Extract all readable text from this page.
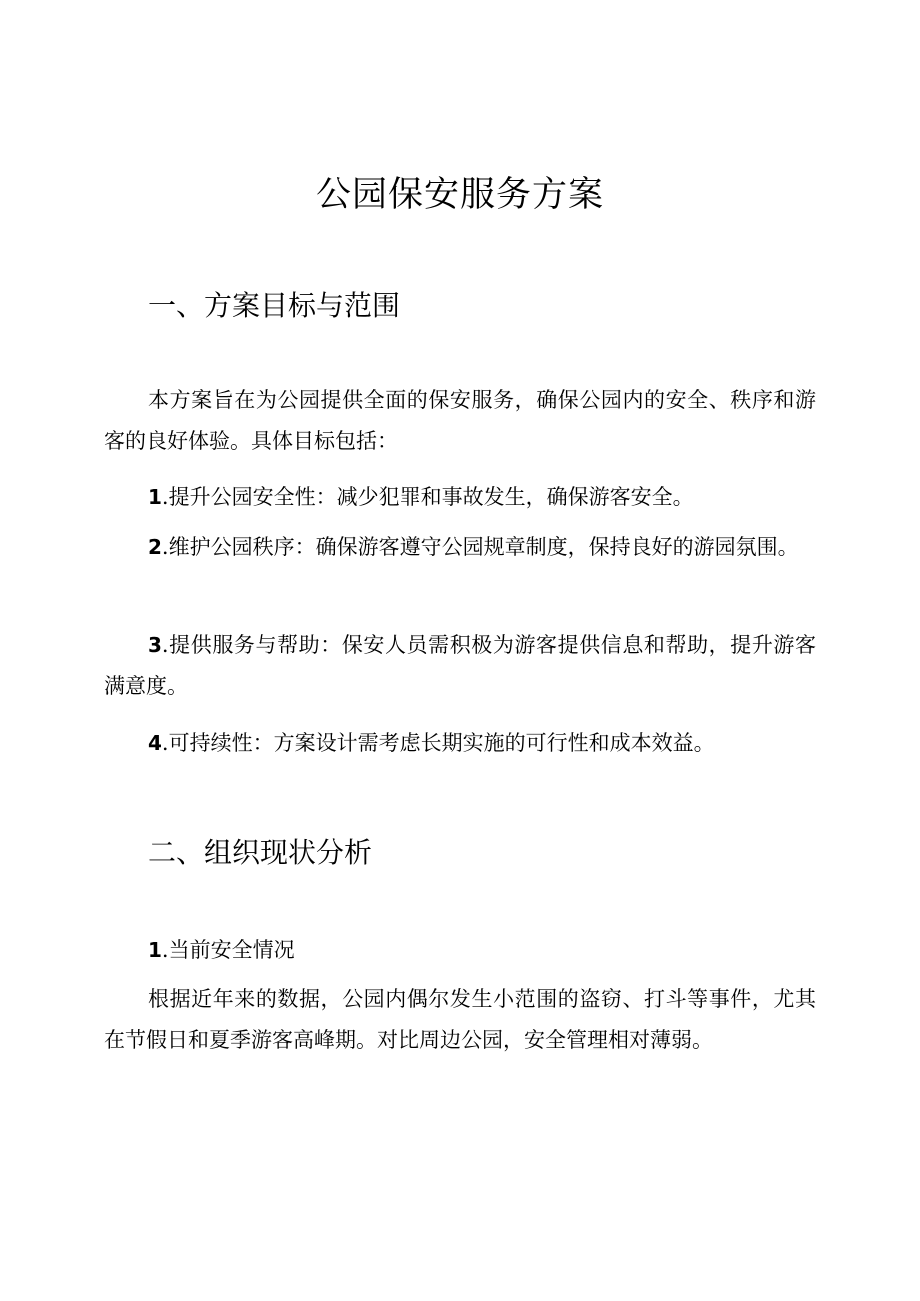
公园保安服务方案
一、方案目标与范围

本方案旨在为公园提供全面的保安服务，确保公园内的安全、秩序和游客的良好体验。具体目标包括：

1.提升公园安全性：减少犯罪和事故发生，确保游客安全。

2.维护公园秩序：确保游客遵守公园规章制度，保持良好的游园氛围。

3.提供服务与帮助：保安人员需积极为游客提供信息和帮助，提升游客满意度。

4.可持续性：方案设计需考虑长期实施的可行性和成本效益。

二、组织现状分析

1.当前安全情况

根据近年来的数据，公园内偶尔发生小范围的盗窃、打斗等事件，尤其在节假日和夏季游客高峰期。对比周边公园，安全管理相对薄弱。
